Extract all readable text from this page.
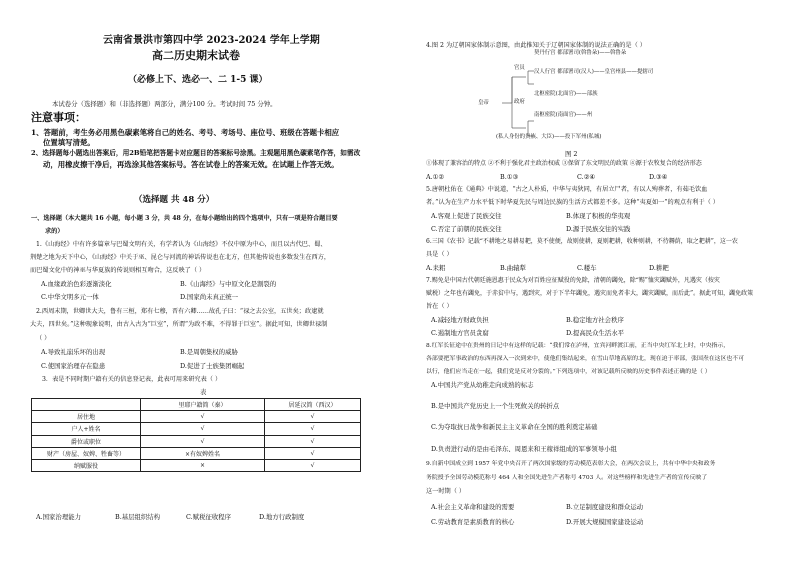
云南省景洪市第四中学 2023-2024 学年上学期
高二历史期末试卷
（必修上下、选必一、二 1-5 课）
本试卷分（选择题）和（非选择题）两部分，满分100 分。考试时间 75 分钟。
注意事项：
1、答题前，考生务必用黑色碳素笔将自己的姓名、考号、考场号、座位号、班级在答题卡相应
位置填写清楚。
2、选择题每小题选出答案后，用2B铅笔把答题卡对应题目的答案标号涂黑。主观题用黑色碳素笔作答，如需改
动，用橡皮擦干净后，再选涂其他答案标号。答在试卷上的答案无效。在试题上作答无效。
（选择题 共 48 分）
一、选择题（本大题共 16 小题，每小题 3 分，共 48 分，在每小题给出的四个选项中，只有一项是符合题目要
求的）
1.《山海经》中有许多篇章与巴蜀文明有关，有学者认为《山海经》不仅中原为中心，而且以古代巴、蜀、
荆楚之地为天下中心，《山海经》中关于巫、昆仑与河流的神话传说也在北方，但其他传说也多数发生在西方，
而巴蜀文化中的神巫与华夏族的传说则相互吻合，这反映了（ ）
A.血缘政治色彩逐渐淡化	B.《山海经》与中原文化是割裂的
C.中华文明多元一体	D.国家尚未真正统一
2.西周末期，世卿世大夫，鲁有三桓，郑有七穆，晋有六卿……故孔子曰：“禄之去公室，五世矣；政逮就
大夫，四世矣。”这种现象说明，由古入古为“巨室”，所谓“为政不难，不得罪于巨室”。据此可知，世卿世禄制
（ ）
A.导致礼崩乐坏的出现	B.是周朝集权的威胁
C.使国家治理存在隐患	D.促进了士族集团崛起
3．表是不同时期户籍有关的信息登记表，此表可用来研究表（ ）
表
	里耶户籍简（秦）	居延汉简（西汉）
居住地	√	√
户人+姓名	√	√
爵位或职位	√	√
财产（房屋、奴婢、牲畜等）	×有奴婢姓名	√
纳赋服役	×	√
A.国家治理能力	B.基层组织结构	C.赋税征收程序	D.地方行政制度
4.图 2 为辽朝国家体制示意图，由此推知关于辽朝国家体制的说法正确的是（ ）
契丹行宫 都部署司(斡鲁朵)——斡鲁朵
官员
汉人行宫 都部署司(汉人)——皇宫州县——提辖司
皇帝	政府
北枢密院(北面官)——部族
南枢密院(南面官)——州
(私人身份的贵族、大臣)——投下军州(私城)
图 2
①体现了兼容治的特点 ②不利于强化君主政治权威 ③保留了东文明民的政策 ④源于农牧复合的经济形态
A.①②	B.①③	C.②④	D.③④
5.唐朝杜佑在《通典》中说道，“古之人朴质，中华与夷狄同，有居立尸者，有以人殉葬者，有茹毛饮血
者。”认为在生产力水平低下时华夏先民与周边民族的生活方式都差不多。这种“夷夏如一”的观点有利于（ ）
A.客观上促进了民族交往	B.体现了积极的华夷观
C.否定了前朝的民族交往	D.源于民族交往的实践
6.三国《农书》记载“不耕地之易耕易耙，莫不使便，故则使耕，夏则耙耕，收种则耕，不待耨荫，取之耙耕”，这一农
具是（ ）
A.耒耜	B.曲辕犁	C.耧车	D.耕耙
7.赐免是中国古代朝廷施恩惠于民众为对百姓应征赋役的免除，清朝的蠲免，除“赐”恤灾蠲赋外，凡遇灾（按灾
赋税）之年也有蠲免，于赤贫中与，遇到灾，对于下半年蠲免，遇灾而免者非大，蠲灾蠲赋，而后此”。据此可知，蠲免政策
旨在（ ）
A.减轻地方财政负担	B.稳定地方社会秩序
C.遏制地方官员贪腐	D.提高民众生活水平
8.红军长征途中在贵州的日记中有这样的记载：“我们常在泸州，宜宾河畔渡江前，正当中央红军北上时，中央指示，
各部要把军事政治的东西再深入一次到来中，使他们集结起来，在雪山草地高原的北，现在迫于率部，张国焘在这区也不可
以行，他们应当走在一起，我们党是反对分裂的。”下列选项中，对该记载所反映的历史事件表述正确的是（ ）
A.中国共产党从幼稚走向成熟的标志
B.是中国共产党历史上一个生死攸关的转折点
C.为夺取抗日战争和新民主主义革命在全国的胜利奠定基础
D.负责进行动的是由毛泽东、周恩来和王稼祥组成的军事领导小组
9.自新中国成立到 1957 年党中央召开了两次国家级的劳动模范表彰大会，在两次会议上，共有中华中央和政务
务院授予全国劳动模范称号 464 人和全国先进生产者称号 4703 人。对这些榜样和先进生产者的宣传反映了
这一时期（ ）
A.社会主义革命和建设的需要	B.立足制度建设和群众运动
C.劳动教育是素质教育的核心	D.开展大规模国家建设运动
